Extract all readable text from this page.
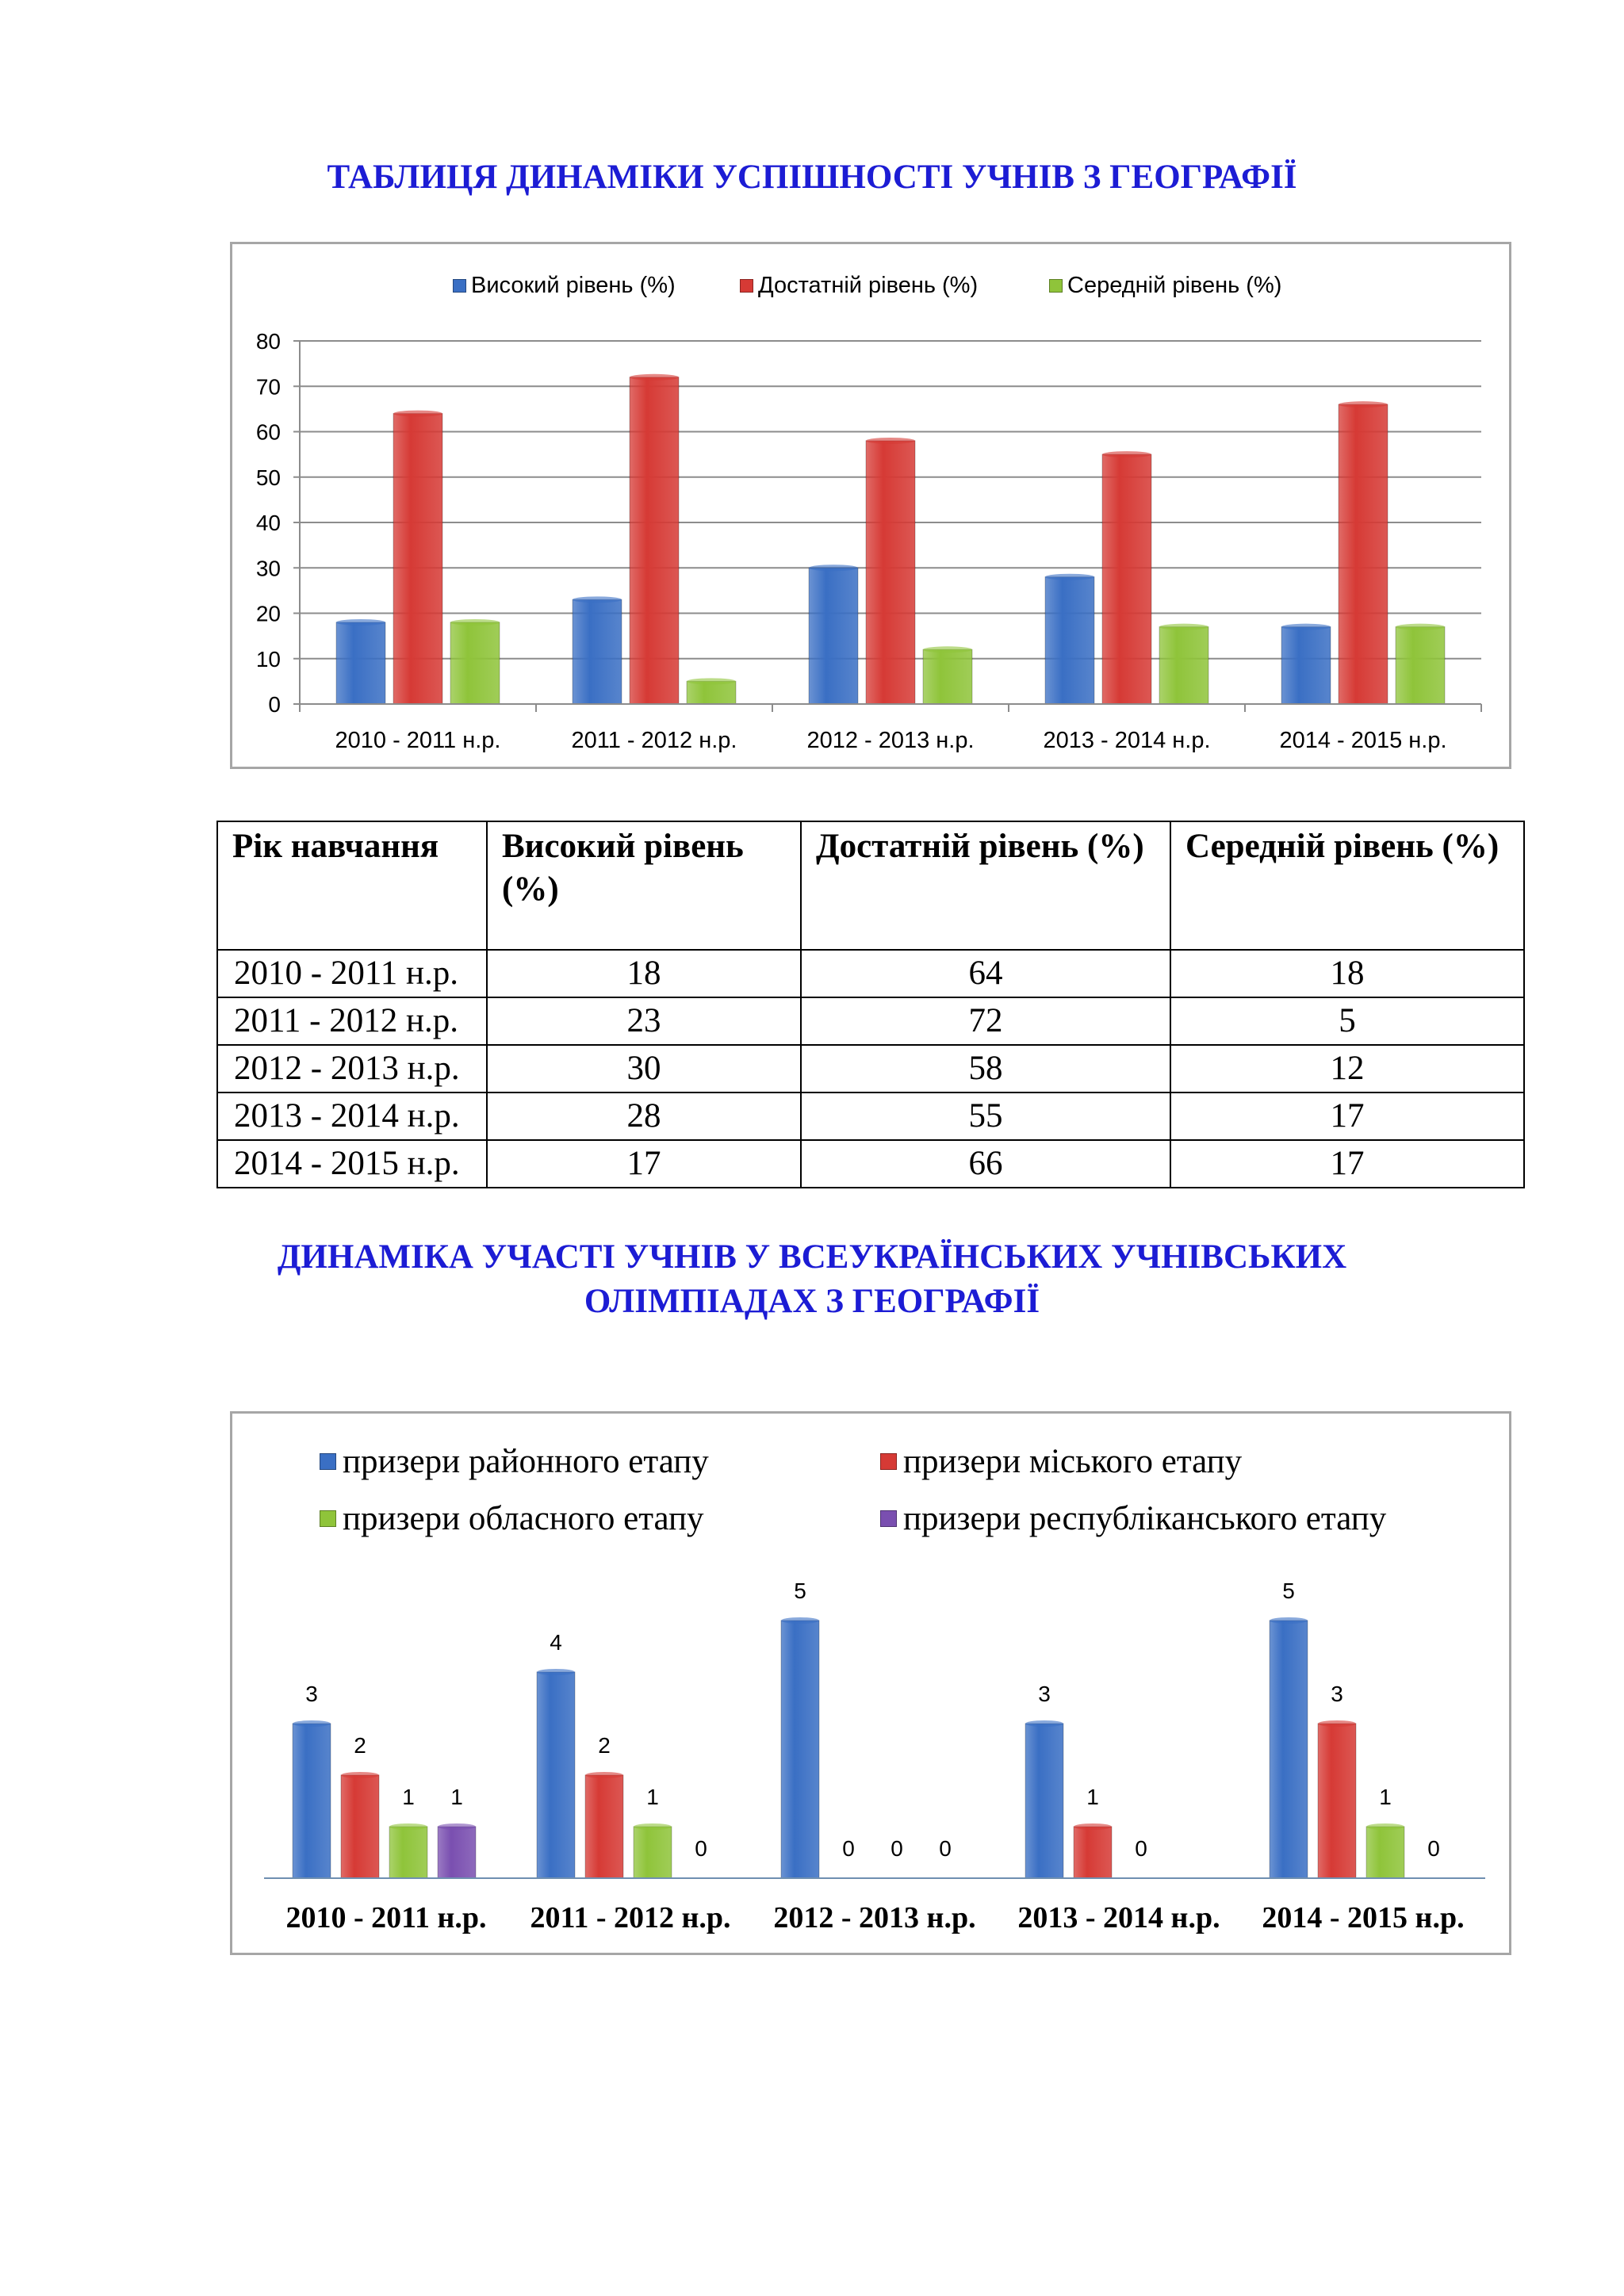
ТАБЛИЦЯ ДИНАМІКИ УСПІШНОСТІ УЧНІВ З ГЕОГРАФІЇ
Високий рівень (%)	Достатній рівень (%)	Середній рівень (%)
0
10
20
30
40
50
60
70
80
2010 - 2011 н.р.	2011 - 2012 н.р.	2012 - 2013 н.р.	2013 - 2014 н.р.	2014 - 2015 н.р.
Рік навчання	Високий рівень (%)	Достатній рівень (%)	Середній рівень (%)
2010 - 2011 н.р.	18	64	18
2011 - 2012 н.р.	23	72	5
2012 - 2013 н.р.	30	58	12
2013 - 2014 н.р.	28	55	17
2014 - 2015 н.р.	17	66	17
ДИНАМІКА УЧАСТІ УЧНІВ У ВСЕУКРАЇНСЬКИХ УЧНІВСЬКИХ
ОЛІМПІАДАХ З ГЕОГРАФІЇ
призери районного етапу	призери міського етапу
призери обласного етапу	призери республіканського етапу
2010 - 2011 н.р.
3
2
1 1
2011 - 2012 н.р.
4
2
1
0
2012 - 2013 н.р.
5
0 0 0
2013 - 2014 н.р.
3
1
0
2014 - 2015 н.р.
5
3
1
0
